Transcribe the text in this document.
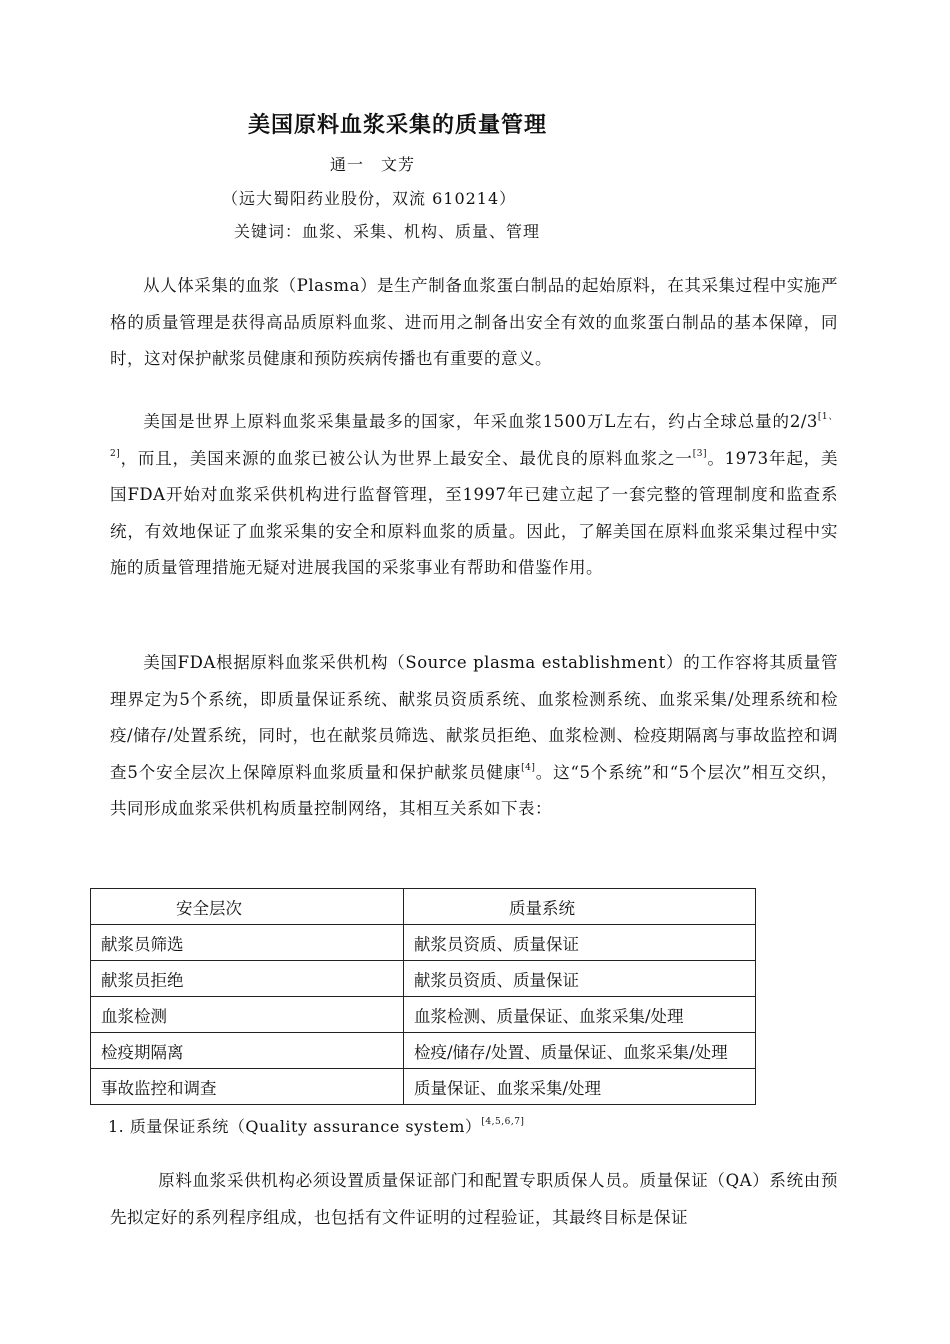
美国原料血浆采集的质量管理
通一　文芳
（远大蜀阳药业股份，双流 610214）
关键词：血浆、采集、机构、质量、管理
从人体采集的血浆（Plasma）是生产制备血浆蛋白制品的起始原料，在其采集过程中实施严格的质量管理是获得高品质原料血浆、进而用之制备出安全有效的血浆蛋白制品的基本保障，同时，这对保护献浆员健康和预防疾病传播也有重要的意义。
美国是世界上原料血浆采集量最多的国家，年采血浆1500万L左右，约占全球总量的2/3[1、2]，而且，美国来源的血浆已被公认为世界上最安全、最优良的原料血浆之一[3]。1973年起，美国FDA开始对血浆采供机构进行监督管理，至1997年已建立起了一套完整的管理制度和监查系统，有效地保证了血浆采集的安全和原料血浆的质量。因此，了解美国在原料血浆采集过程中实施的质量管理措施无疑对进展我国的采浆事业有帮助和借鉴作用。
美国FDA根据原料血浆采供机构（Source plasma establishment）的工作容将其质量管理界定为5个系统，即质量保证系统、献浆员资质系统、血浆检测系统、血浆采集/处理系统和检疫/储存/处置系统，同时，也在献浆员筛选、献浆员拒绝、血浆检测、检疫期隔离与事故监控和调查5个安全层次上保障原料血浆质量和保护献浆员健康[4]。这“5个系统”和“5个层次”相互交织，共同形成血浆采供机构质量控制网络，其相互关系如下表：
安全层次	质量系统
献浆员筛选	献浆员资质、质量保证
献浆员拒绝	献浆员资质、质量保证
血浆检测	血浆检测、质量保证、血浆采集/处理
检疫期隔离	检疫/储存/处置、质量保证、血浆采集/处理
事故监控和调查	质量保证、血浆采集/处理
1. 质量保证系统（Quality assurance system）[4,5,6,7]
原料血浆采供机构必须设置质量保证部门和配置专职质保人员。质量保证（QA）系统由预先拟定好的系列程序组成，也包括有文件证明的过程验证，其最终目标是保证
